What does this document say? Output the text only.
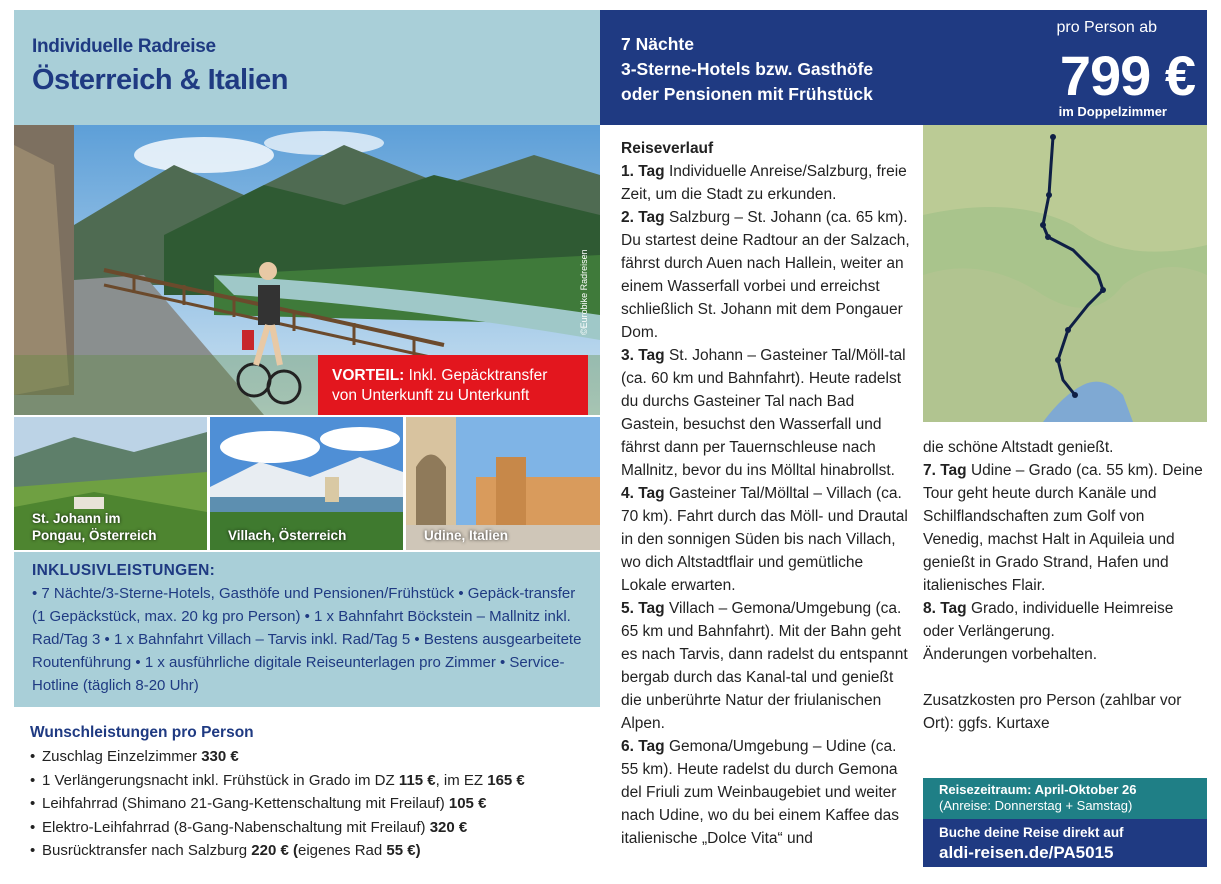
Individuelle Radreise
Österreich & Italien
7 Nächte
3-Sterne-Hotels bzw. Gasthöfe
oder Pensionen mit Frühstück
pro Person ab
799 €
im Doppelzimmer
©Eurobike Radreisen
VORTEIL: Inkl. Gepäcktransfer
von Unterkunft zu Unterkunft
St. Johann im
Pongau, Österreich	Villach, Österreich	Udine, Italien
INKLUSIVLEISTUNGEN:
• 7 Nächte/3-Sterne-Hotels, Gasthöfe und Pensionen/Frühstück • Gepäck-transfer (1 Gepäckstück, max. 20 kg pro Person) • 1 x Bahnfahrt Böckstein – Mallnitz inkl. Rad/Tag 3 • 1 x Bahnfahrt Villach – Tarvis inkl. Rad/Tag 5 • Bestens ausgearbeitete Routenführung • 1 x ausführliche digitale Reiseunterlagen pro Zimmer • Service-Hotline (täglich 8-20 Uhr)
Wunschleistungen pro Person
• Zuschlag Einzelzimmer 330 €
• 1 Verlängerungsnacht inkl. Frühstück in Grado im DZ 115 €, im EZ 165 €
• Leihfahrrad (Shimano 21-Gang-Kettenschaltung mit Freilauf) 105 €
• Elektro-Leihfahrrad (8-Gang-Nabenschaltung mit Freilauf) 320 €
• Busrücktransfer nach Salzburg 220 € (eigenes Rad 55 €)
Reiseverlauf

1. Tag Individuelle Anreise/Salzburg, freie Zeit, um die Stadt zu erkunden.

2. Tag Salzburg – St. Johann (ca. 65 km). Du startest deine Radtour an der Salzach, fährst durch Auen nach Hallein, weiter an einem Wasserfall vorbei und erreichst schließlich St. Johann mit dem Pongauer Dom.

3. Tag St. Johann – Gasteiner Tal/Möll-tal (ca. 60 km und Bahnfahrt). Heute radelst du durchs Gasteiner Tal nach Bad Gastein, besuchst den Wasserfall und fährst dann per Tauernschleuse nach Mallnitz, bevor du ins Mölltal hinabrollst.

4. Tag Gasteiner Tal/Mölltal – Villach (ca. 70 km). Fahrt durch das Möll- und Drautal in den sonnigen Süden bis nach Villach, wo dich Altstadtflair und gemütliche Lokale erwarten.

5. Tag Villach – Gemona/Umgebung (ca. 65 km und Bahnfahrt). Mit der Bahn geht es nach Tarvis, dann radelst du entspannt bergab durch das Kanal-tal und genießt die unberührte Natur der friulanischen Alpen.

6. Tag Gemona/Umgebung – Udine (ca. 55 km). Heute radelst du durch Gemona del Friuli zum Weinbaugebiet und weiter nach Udine, wo du bei einem Kaffee das italienische „Dolce Vita“ und

die schöne Altstadt genießt.

7. Tag Udine – Grado (ca. 55 km). Deine Tour geht heute durch Kanäle und Schilflandschaften zum Golf von Venedig, machst Halt in Aquileia und genießt in Grado Strand, Hafen und italienisches Flair.

8. Tag Grado, individuelle Heimreise oder Verlängerung.

Änderungen vorbehalten.

Zusatzkosten pro Person (zahlbar vor Ort): ggfs. Kurtaxe

Reisezeitraum: April-Oktober 26
(Anreise: Donnerstag + Samstag)
Buche deine Reise direkt auf
aldi-reisen.de/PA5015
